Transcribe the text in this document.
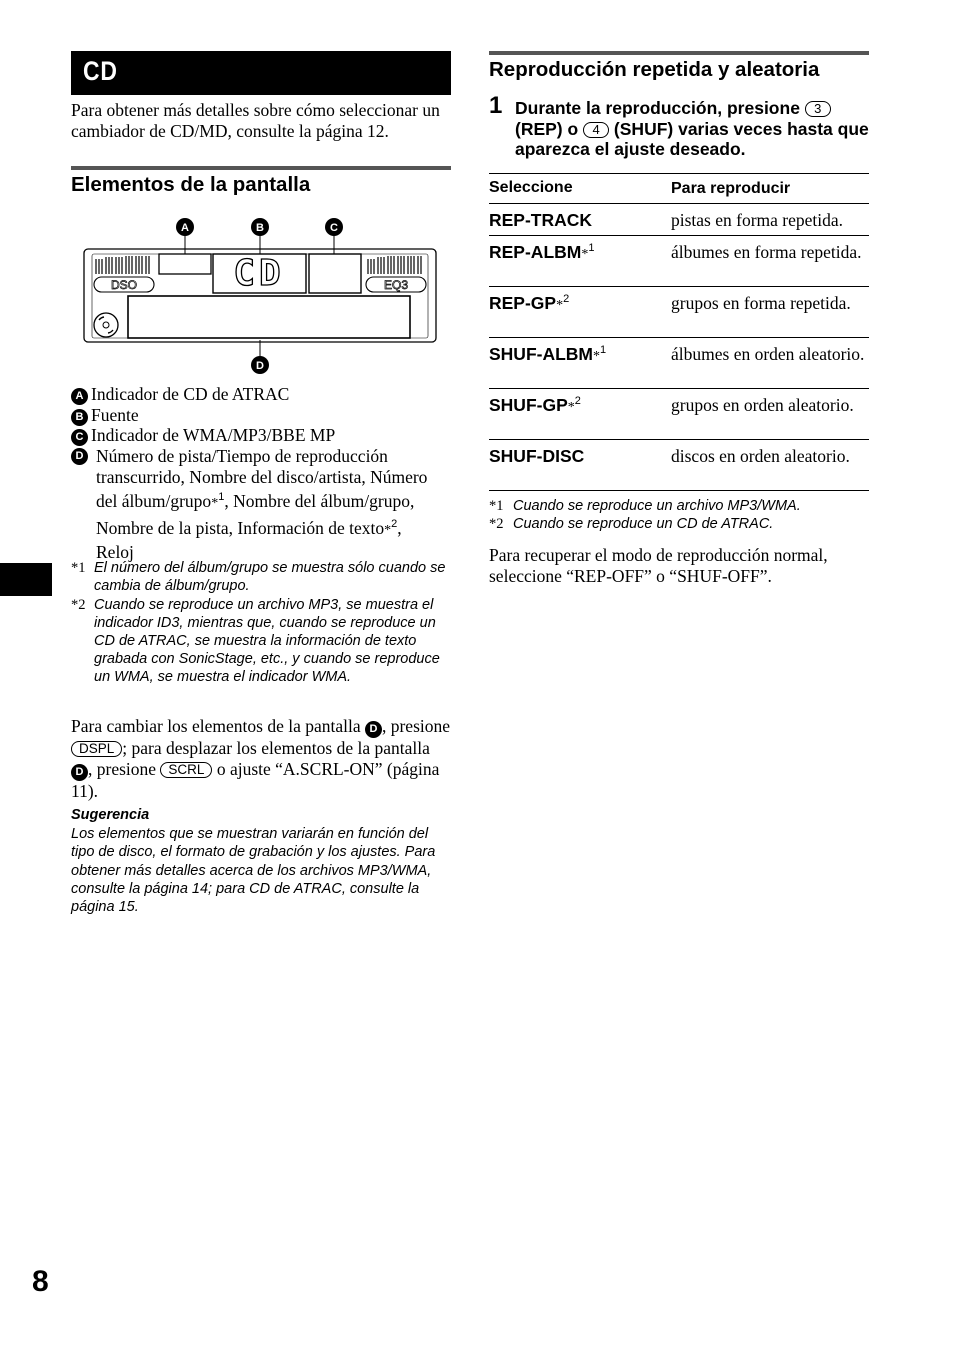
CD
Para obtener más detalles sobre cómo seleccionar un cambiador de CD/MD, consulte la página 12.
Elementos de la pantalla
DSO	EQ3
CD
A	B	C
D
A Indicador de CD de ATRAC
B Fuente
C Indicador de WMA/MP3/BBE MP
D Número de pista/Tiempo de reproducción transcurrido, Nombre del disco/artista, Número del álbum/grupo*$^1$, Nombre del álbum/grupo, Nombre de la pista, Información de texto*$^2$, Reloj
*1 El número del álbum/grupo se muestra sólo cuando se cambia de álbum/grupo.
*2 Cuando se reproduce un archivo MP3, se muestra el indicador ID3, mientras que, cuando se reproduce un CD de ATRAC, se muestra la información de texto grabada con SonicStage, etc., y cuando se reproduce un WMA, se muestra el indicador WMA.
Para cambiar los elementos de la pantalla D , presione DSPL ; para desplazar los elementos de la pantalla D , presione SCRL o ajuste “A.SCRL-ON” (página 11).
Sugerencia
Los elementos que se muestran variarán en función del tipo de disco, el formato de grabación y los ajustes. Para obtener más detalles acerca de los archivos MP3/WMA, consulte la página 14; para CD de ATRAC, consulte la página 15.
8
Reproducción repetida y aleatoria
1 Durante la reproducción, presione 3 (REP) o 4 (SHUF) varias veces hasta que aparezca el ajuste deseado.
Seleccione	Para reproducir
REP-TRACK	pistas en forma repetida.
REP-ALBM*$^1$	álbumes en forma repetida.
REP-GP*$^2$	grupos en forma repetida.
SHUF-ALBM*$^1$	álbumes en orden aleatorio.
SHUF-GP*$^2$	grupos en orden aleatorio.
SHUF-DISC	discos en orden aleatorio.
*1 Cuando se reproduce un archivo MP3/WMA.
*2 Cuando se reproduce un CD de ATRAC.
Para recuperar el modo de reproducción normal, seleccione “REP-OFF” o “SHUF-OFF”.
